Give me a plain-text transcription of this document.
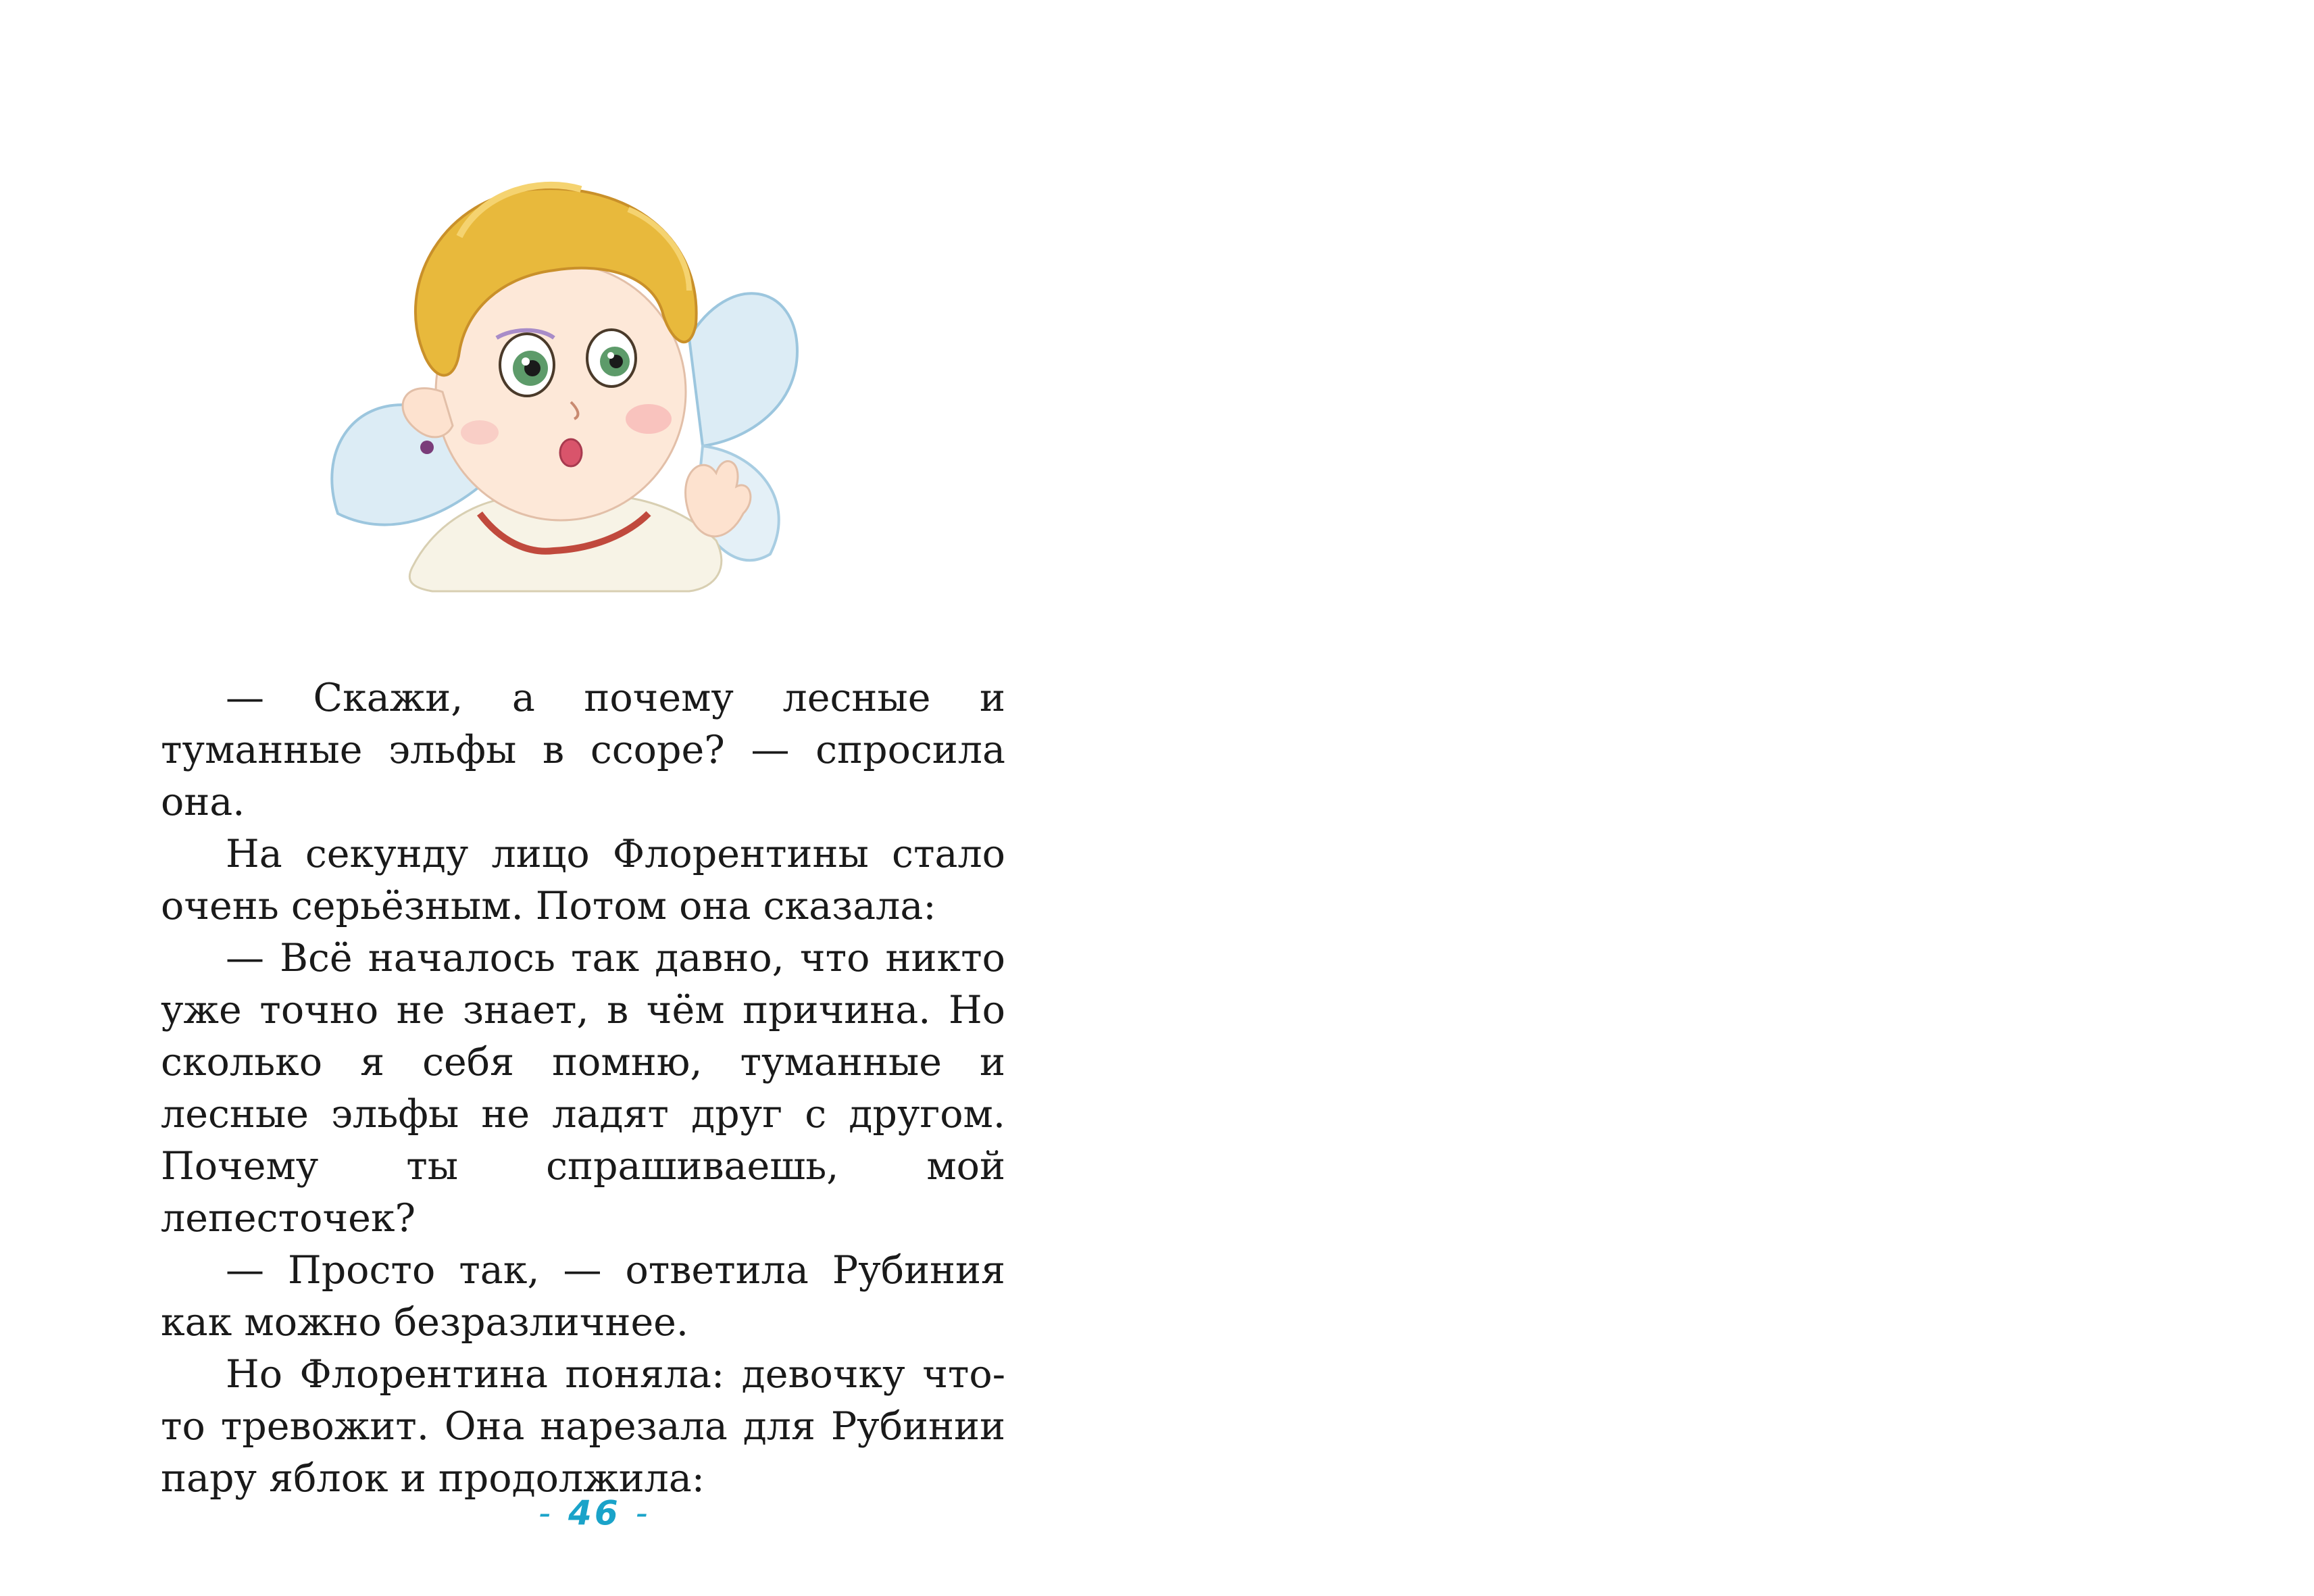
— Скажи, а почему лесные и туманные эльфы в ссоре? — спросила она.

На секунду лицо Флорентины стало очень серьёзным. Потом она сказала:

— Всё началось так давно, что никто уже точно не знает, в чём причина. Но сколько я себя помню, туманные и лесные эльфы не ладят друг с другом. Почему ты спрашиваешь, мой лепесточек?

— Просто так, — ответила Рубиния как можно безразличнее.

Но Флорентина поняла: девочку что-то тревожит. Она нарезала для Рубинии пару яблок и продолжила:

- 46 -
